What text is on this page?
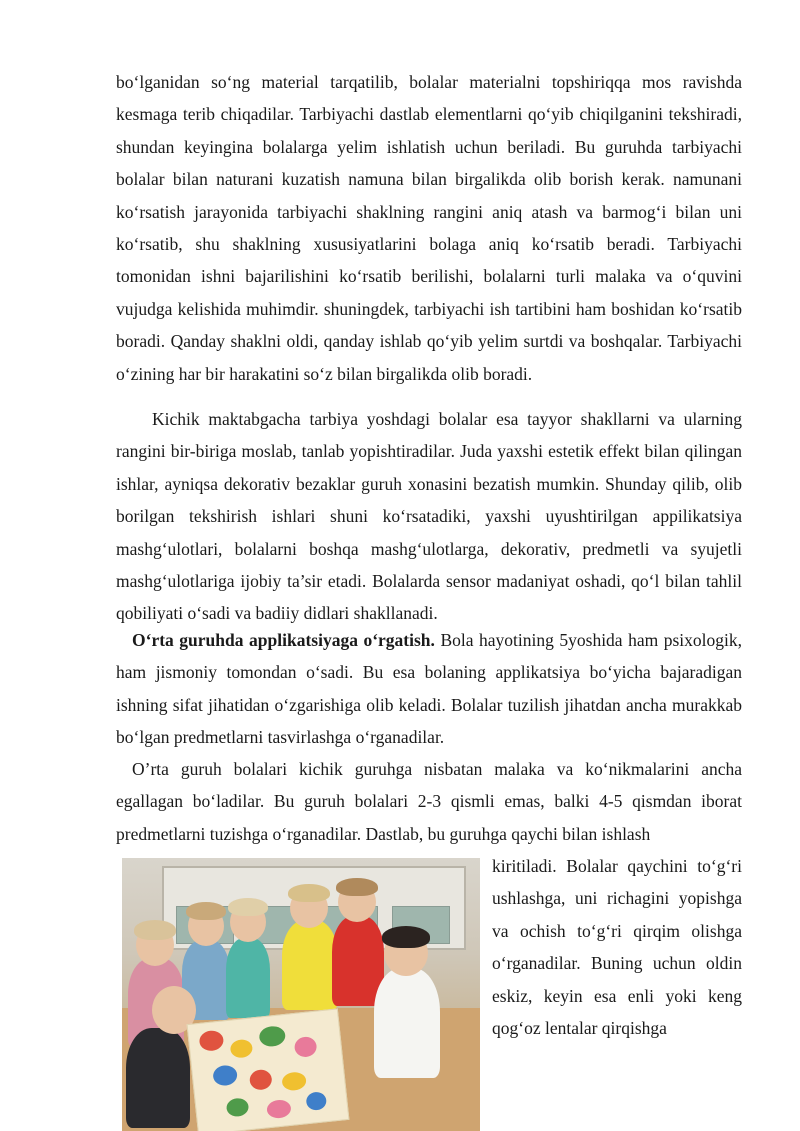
bo‘lganidan so‘ng material tarqatilib, bolalar materialni topshiriqqa mos ravishda kesmaga terib chiqadilar. Tarbiyachi dastlab elementlarni qo‘yib chiqilganini tekshiradi, shundan keyingina bolalarga yelim ishlatish uchun beriladi. Bu guruhda tarbiyachi bolalar bilan naturani kuzatish namuna bilan birgalikda olib borish kerak. namunani ko‘rsatish jarayonida tarbiyachi shaklning rangini aniq atash va barmog‘i bilan uni ko‘rsatib, shu shaklning xususiyatlarini bolaga aniq ko‘rsatib beradi. Tarbiyachi tomonidan ishni bajarilishini ko‘rsatib berilishi, bolalarni turli malaka va o‘quvini vujudga kelishida muhimdir. shuningdek, tarbiyachi ish tartibini ham boshidan ko‘rsatib boradi. Qanday shaklni oldi, qanday ishlab qo‘yib yelim surtdi va boshqalar. Tarbiyachi o‘zining har bir harakatini so‘z bilan birgalikda olib boradi.

Kichik maktabgacha tarbiya yoshdagi bolalar esa tayyor shakllarni va ularning rangini bir-biriga moslab, tanlab yopishtiradilar. Juda yaxshi estetik effekt bilan qilingan ishlar, ayniqsa dekorativ bezaklar guruh xonasini bezatish mumkin. Shunday qilib, olib borilgan tekshirish ishlari shuni ko‘rsatadiki, yaxshi uyushtirilgan appilikatsiya mashg‘ulotlari, bolalarni boshqa mashg‘ulotlarga, dekorativ, predmetli va syujetli mashg‘ulotlariga ijobiy ta’sir etadi. Bolalarda sensor madaniyat oshadi, qo‘l bilan tahlil qobiliyati o‘sadi va badiiy didlari shakllanadi.

O‘rta guruhda applikatsiyaga o‘rgatish. Bola hayotining 5yoshida ham psixologik, ham jismoniy tomondan o‘sadi. Bu esa bolaning applikatsiya bo‘yicha bajaradigan ishning sifat jihatidan o‘zgarishiga olib keladi. Bolalar tuzilish jihatdan ancha murakkab bo‘lgan predmetlarni tasvirlashga o‘rganadilar.

O’rta guruh bolalari kichik guruhga nisbatan malaka va ko‘nikmalarini ancha egallagan bo‘ladilar. Bu guruh bolalari 2-3 qismli emas, balki 4-5 qismdan iborat predmetlarni tuzishga o‘rganadilar. Dastlab, bu guruhga qaychi bilan ishlash

kiritiladi. Bolalar qaychini to‘g‘ri ushlashga, uni richagini yopishga va ochish to‘g‘ri qirqim olishga o‘rganadilar. Buning uchun oldin eskiz, keyin esa enli yoki keng qog‘oz lentalar qirqishga
